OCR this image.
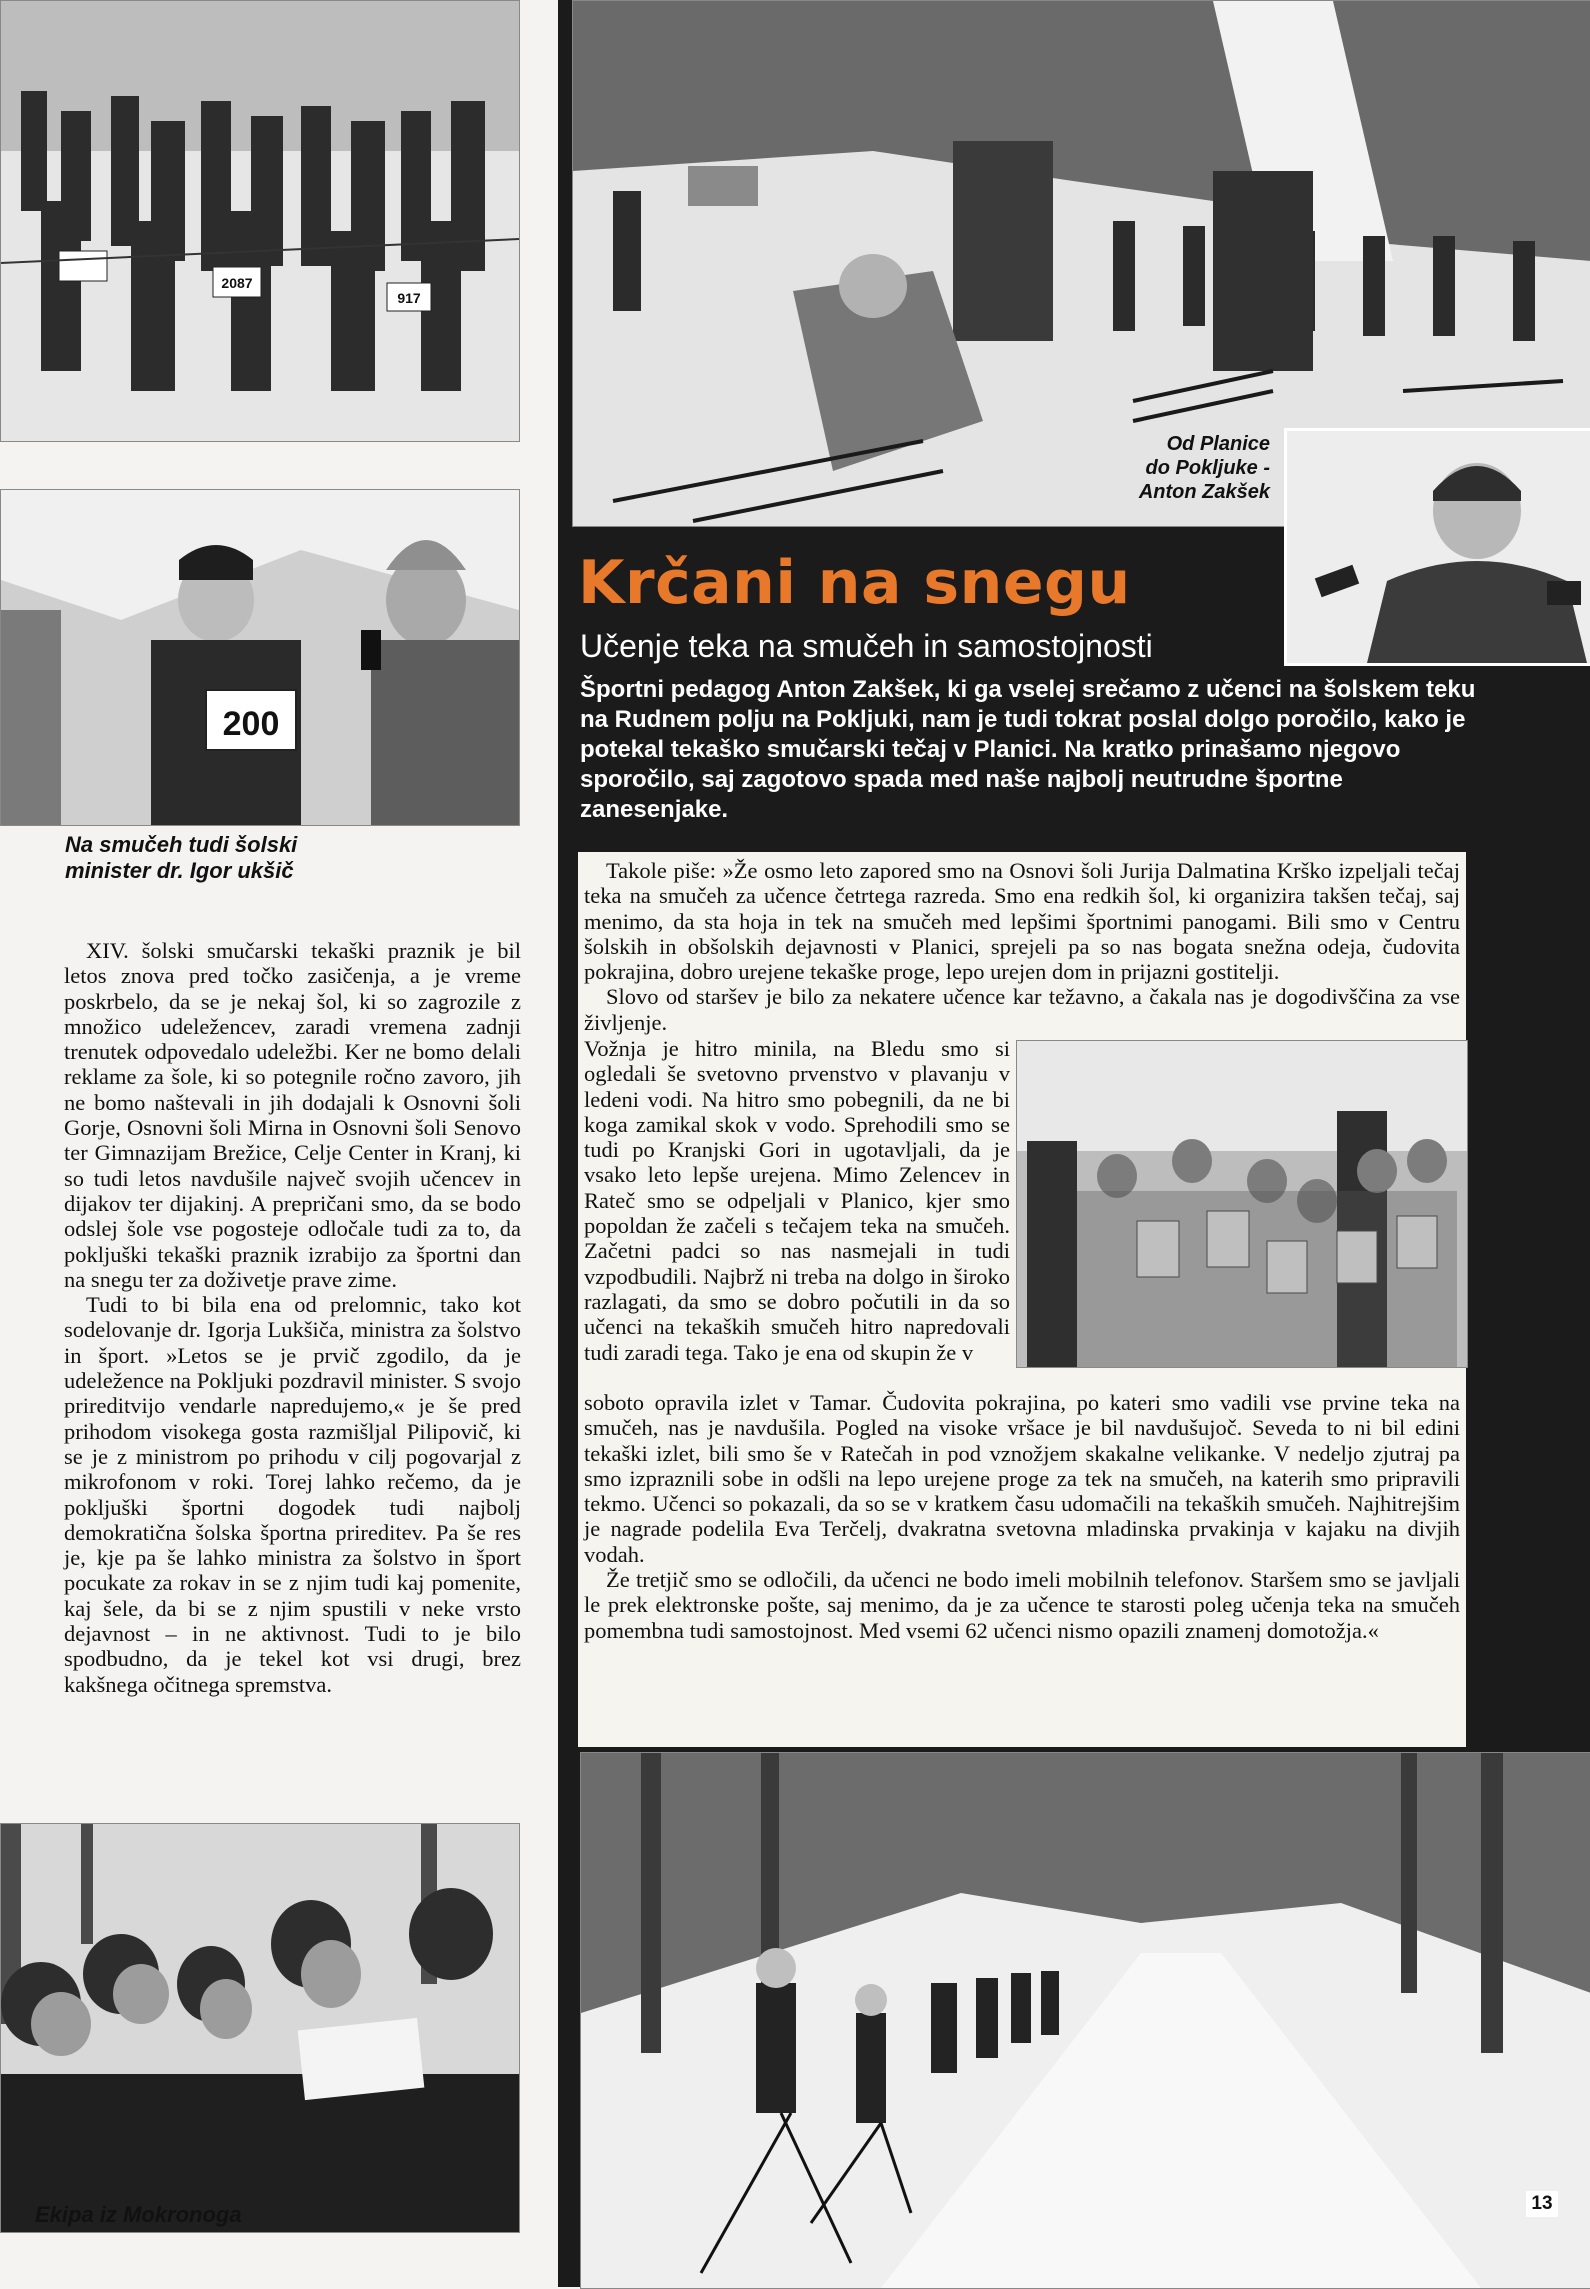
2087
917
200
Na smučeh tudi šolski minister dr. Igor ukšič

XIV. šolski smučarski tekaški praznik je bil letos znova pred točko zasičenja, a je vreme poskrbelo, da se je nekaj šol, ki so zagrozile z množico udeležencev, zaradi vremena zadnji trenutek odpovedalo udeležbi. Ker ne bomo delali reklame za šole, ki so potegnile ročno zavoro, jih ne bomo naštevali in jih dodajali k Osnovni šoli Gorje, Osnovni šoli Mirna in Osnovni šoli Senovo ter Gimnazijam Brežice, Celje Center in Kranj, ki so tudi letos navdušile največ svojih učencev in dijakov ter dijakinj. A prepričani smo, da se bodo odslej šole vse pogosteje odločale tudi za to, da pokljuški tekaški praznik izrabijo za športni dan na snegu ter za doživetje prave zime.

Tudi to bi bila ena od prelomnic, tako kot sodelovanje dr. Igorja Lukšiča, ministra za šolstvo in šport. »Letos se je prvič zgodilo, da je udeležence na Pokljuki pozdravil minister. S svojo prireditvijo vendarle napredujemo,« je še pred prihodom visokega gosta razmišljal Pilipovič, ki se je z ministrom po prihodu v cilj pogovarjal z mikrofonom v roki. Torej lahko rečemo, da je pokljuški športni dogodek tudi najbolj demokratična šolska športna prireditev. Pa še res je, kje pa še lahko ministra za šolstvo in šport pocukate za rokav in se z njim tudi kaj pomenite, kaj šele, da bi se z njim spustili v neke vrsto dejavnost – in ne aktivnost. Tudi to je bilo spodbudno, da je tekel kot vsi drugi, brez kakšnega očitnega spremstva.

Ekipa iz Mokronoga
Od Planice
do Pokljuke -
Anton Zakšek
Krčani na snegu
Učenje teka na smučeh in samostojnosti
Športni pedagog Anton Zakšek, ki ga vselej srečamo z učenci na šolskem teku na Rudnem polju na Pokljuki, nam je tudi tokrat poslal dolgo poročilo, kako je potekal tekaško smučarski tečaj v Planici. Na kratko prinašamo njegovo sporočilo, saj zagotovo spada med naše najbolj neutrudne športne zanesenjake.

Takole piše: »Že osmo leto zapored smo na Osnovi šoli Jurija Dalmatina Krško izpeljali tečaj teka na smučeh za učence četrtega razreda. Smo ena redkih šol, ki organizira takšen tečaj, saj menimo, da sta hoja in tek na smučeh med lepšimi športnimi panogami. Bili smo v Centru šolskih in obšolskih dejavnosti v Planici, sprejeli pa so nas bogata snežna odeja, čudovita pokrajina, dobro urejene tekaške proge, lepo urejen dom in prijazni gostitelji.

Slovo od staršev je bilo za nekatere učence kar težavno, a čakala nas je dogodivščina za vse življenje.

Vožnja je hitro minila, na Bledu smo si ogledali še svetovno prvenstvo v plavanju v ledeni vodi. Na hitro smo pobegnili, da ne bi koga zamikal skok v vodo. Sprehodili smo se tudi po Kranjski Gori in ugotavljali, da je vsako leto lepše urejena. Mimo Zelencev in Rateč smo se odpeljali v Planico, kjer smo popoldan že začeli s tečajem teka na smučeh. Začetni padci so nas nasmejali in tudi vzpodbudili. Najbrž ni treba na dolgo in široko razlagati, da smo se dobro počutili in da so učenci na tekaških smučeh hitro napredovali tudi zaradi tega. Tako je ena od skupin že v

soboto opravila izlet v Tamar. Čudovita pokrajina, po kateri smo vadili vse prvine teka na smučeh, nas je navdušila. Pogled na visoke vršace je bil navdušujoč. Seveda to ni bil edini tekaški izlet, bili smo še v Ratečah in pod vznožjem skakalne velikanke. V nedeljo zjutraj pa smo izpraznili sobe in odšli na lepo urejene proge za tek na smučeh, na katerih smo pripravili tekmo. Učenci so pokazali, da so se v kratkem času udomačili na tekaških smučeh. Najhitrejšim je nagrade podelila Eva Terčelj, dvakratna svetovna mladinska prvakinja v kajaku na divjih vodah.

Že tretjič smo se odločili, da učenci ne bodo imeli mobilnih telefonov. Staršem smo se javljali le prek elektronske pošte, saj menimo, da je za učence te starosti poleg učenja teka na smučeh pomembna tudi samostojnost. Med vsemi 62 učenci nismo opazili znamenj domotožja.«

13
